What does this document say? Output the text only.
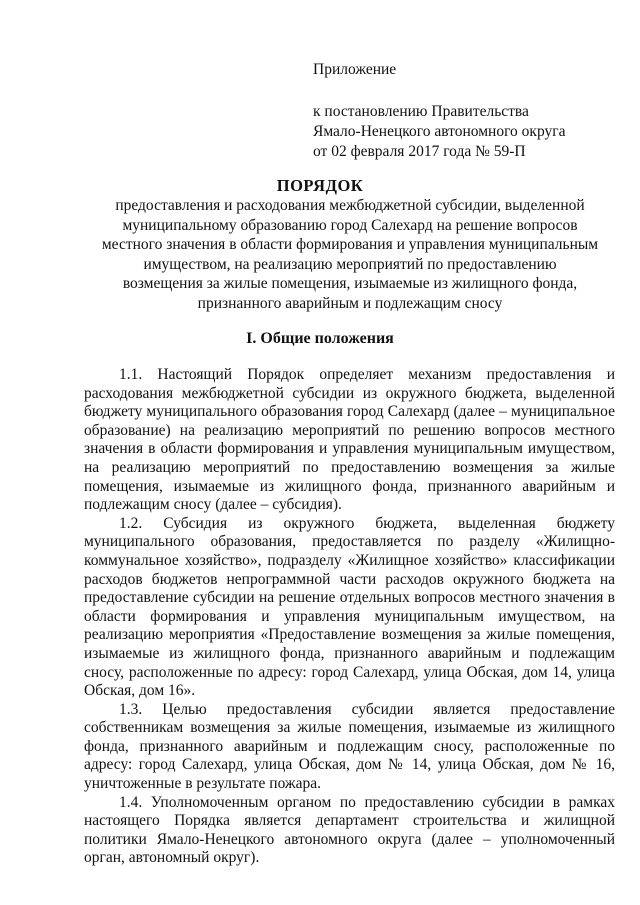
Приложение
к постановлению Правительства
Ямало-Ненецкого автономного округа
от 02 февраля 2017 года № 59-П
ПОРЯДОК
предоставления и расходования межбюджетной субсидии, выделенной
муниципальному образованию город Салехард на решение вопросов
местного значения в области формирования и управления муниципальным
имуществом, на реализацию мероприятий по предоставлению
возмещения за жилые помещения, изымаемые из жилищного фонда,
признанного аварийным и подлежащим сносу
I. Общие положения

1.1. Настоящий Порядок определяет механизм предоставления и расходования межбюджетной субсидии из окружного бюджета, выделенной бюджету муниципального образования город Салехард (далее – муниципальное образование) на реализацию мероприятий по решению вопросов местного значения в области формирования и управления муниципальным имуществом, на реализацию мероприятий по предоставлению возмещения за жилые помещения, изымаемые из жилищного фонда, признанного аварийным и подлежащим сносу (далее – субсидия).

1.2. Субсидия из окружного бюджета, выделенная бюджету муниципального образования, предоставляется по разделу «Жилищно-коммунальное хозяйство», подразделу «Жилищное хозяйство» классификации расходов бюджетов непрограммной части расходов окружного бюджета на предоставление субсидии на решение отдельных вопросов местного значения в области формирования и управления муниципальным имуществом, на реализацию мероприятия «Предоставление возмещения за жилые помещения, изымаемые из жилищного фонда, признанного аварийным и подлежащим сносу, расположенные по адресу: город Салехард, улица Обская, дом 14, улица Обская, дом 16».

1.3. Целью предоставления субсидии является предоставление собственникам возмещения за жилые помещения, изымаемые из жилищного фонда, признанного аварийным и подлежащим сносу, расположенные по адресу: город Салехард, улица Обская, дом № 14, улица Обская, дом № 16, уничтоженные в результате пожара.

1.4. Уполномоченным органом по предоставлению субсидии в рамках настоящего Порядка является департамент строительства и жилищной политики Ямало-Ненецкого автономного округа (далее – уполномоченный орган, автономный округ).
